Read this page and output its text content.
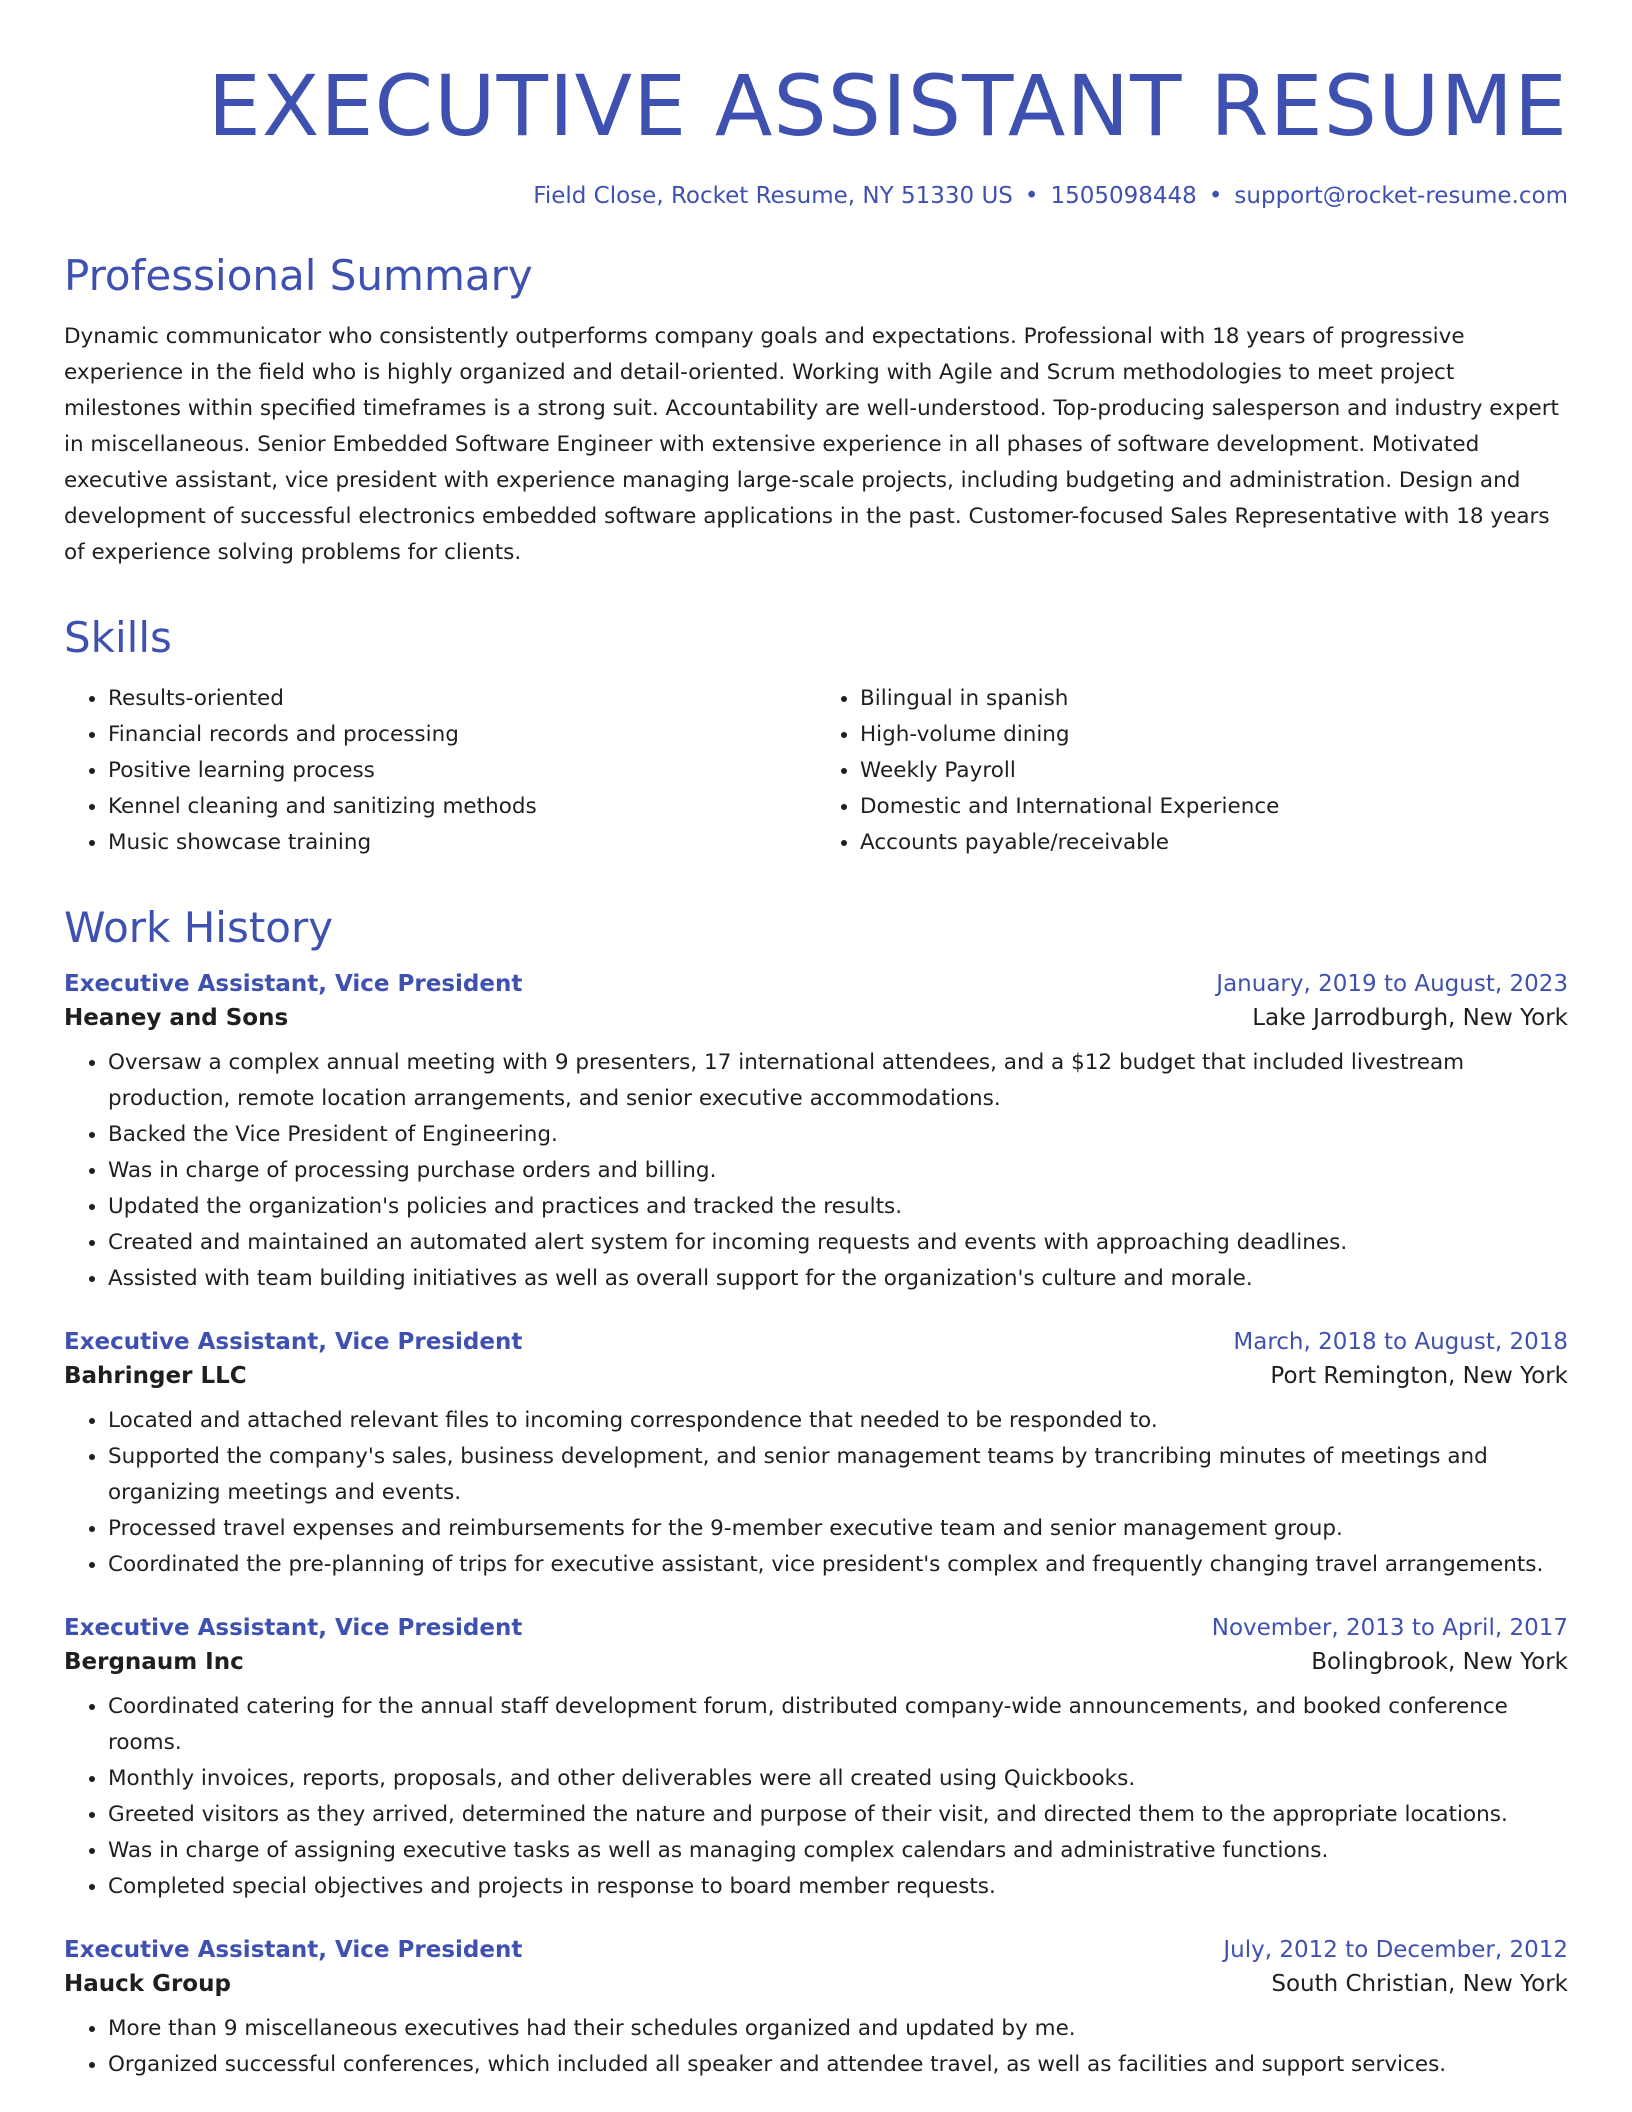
EXECUTIVE ASSISTANT RESUME
Field Close, Rocket Resume, NY 51330 US • 1505098448 • support@rocket-resume.com
Professional Summary

Dynamic communicator who consistently outperforms company goals and expectations. Professional with 18 years of progressive experience in the field who is highly organized and detail-oriented. Working with Agile and Scrum methodologies to meet project milestones within specified timeframes is a strong suit. Accountability are well-understood. Top-producing salesperson and industry expert in miscellaneous. Senior Embedded Software Engineer with extensive experience in all phases of software development. Motivated executive assistant, vice president with experience managing large-scale projects, including budgeting and administration. Design and development of successful electronics embedded software applications in the past. Customer-focused Sales Representative with 18 years of experience solving problems for clients.

Skills
• Results-oriented
• Financial records and processing
• Positive learning process
• Kennel cleaning and sanitizing methods
• Music showcase training
• Bilingual in spanish
• High-volume dining
• Weekly Payroll
• Domestic and International Experience
• Accounts payable/receivable
Work History
Executive Assistant, Vice President	January, 2019 to August, 2023
Heaney and Sons	Lake Jarrodburgh, New York
• Oversaw a complex annual meeting with 9 presenters, 17 international attendees, and a $12 budget that included livestream production, remote location arrangements, and senior executive accommodations.
• Backed the Vice President of Engineering.
• Was in charge of processing purchase orders and billing.
• Updated the organization's policies and practices and tracked the results.
• Created and maintained an automated alert system for incoming requests and events with approaching deadlines.
• Assisted with team building initiatives as well as overall support for the organization's culture and morale.
Executive Assistant, Vice President	March, 2018 to August, 2018
Bahringer LLC	Port Remington, New York
• Located and attached relevant files to incoming correspondence that needed to be responded to.
• Supported the company's sales, business development, and senior management teams by trancribing minutes of meetings and organizing meetings and events.
• Processed travel expenses and reimbursements for the 9-member executive team and senior management group.
• Coordinated the pre-planning of trips for executive assistant, vice president's complex and frequently changing travel arrangements.
Executive Assistant, Vice President	November, 2013 to April, 2017
Bergnaum Inc	Bolingbrook, New York
• Coordinated catering for the annual staff development forum, distributed company-wide announcements, and booked conference rooms.
• Monthly invoices, reports, proposals, and other deliverables were all created using Quickbooks.
• Greeted visitors as they arrived, determined the nature and purpose of their visit, and directed them to the appropriate locations.
• Was in charge of assigning executive tasks as well as managing complex calendars and administrative functions.
• Completed special objectives and projects in response to board member requests.
Executive Assistant, Vice President	July, 2012 to December, 2012
Hauck Group	South Christian, New York
• More than 9 miscellaneous executives had their schedules organized and updated by me.
• Organized successful conferences, which included all speaker and attendee travel, as well as facilities and support services.
